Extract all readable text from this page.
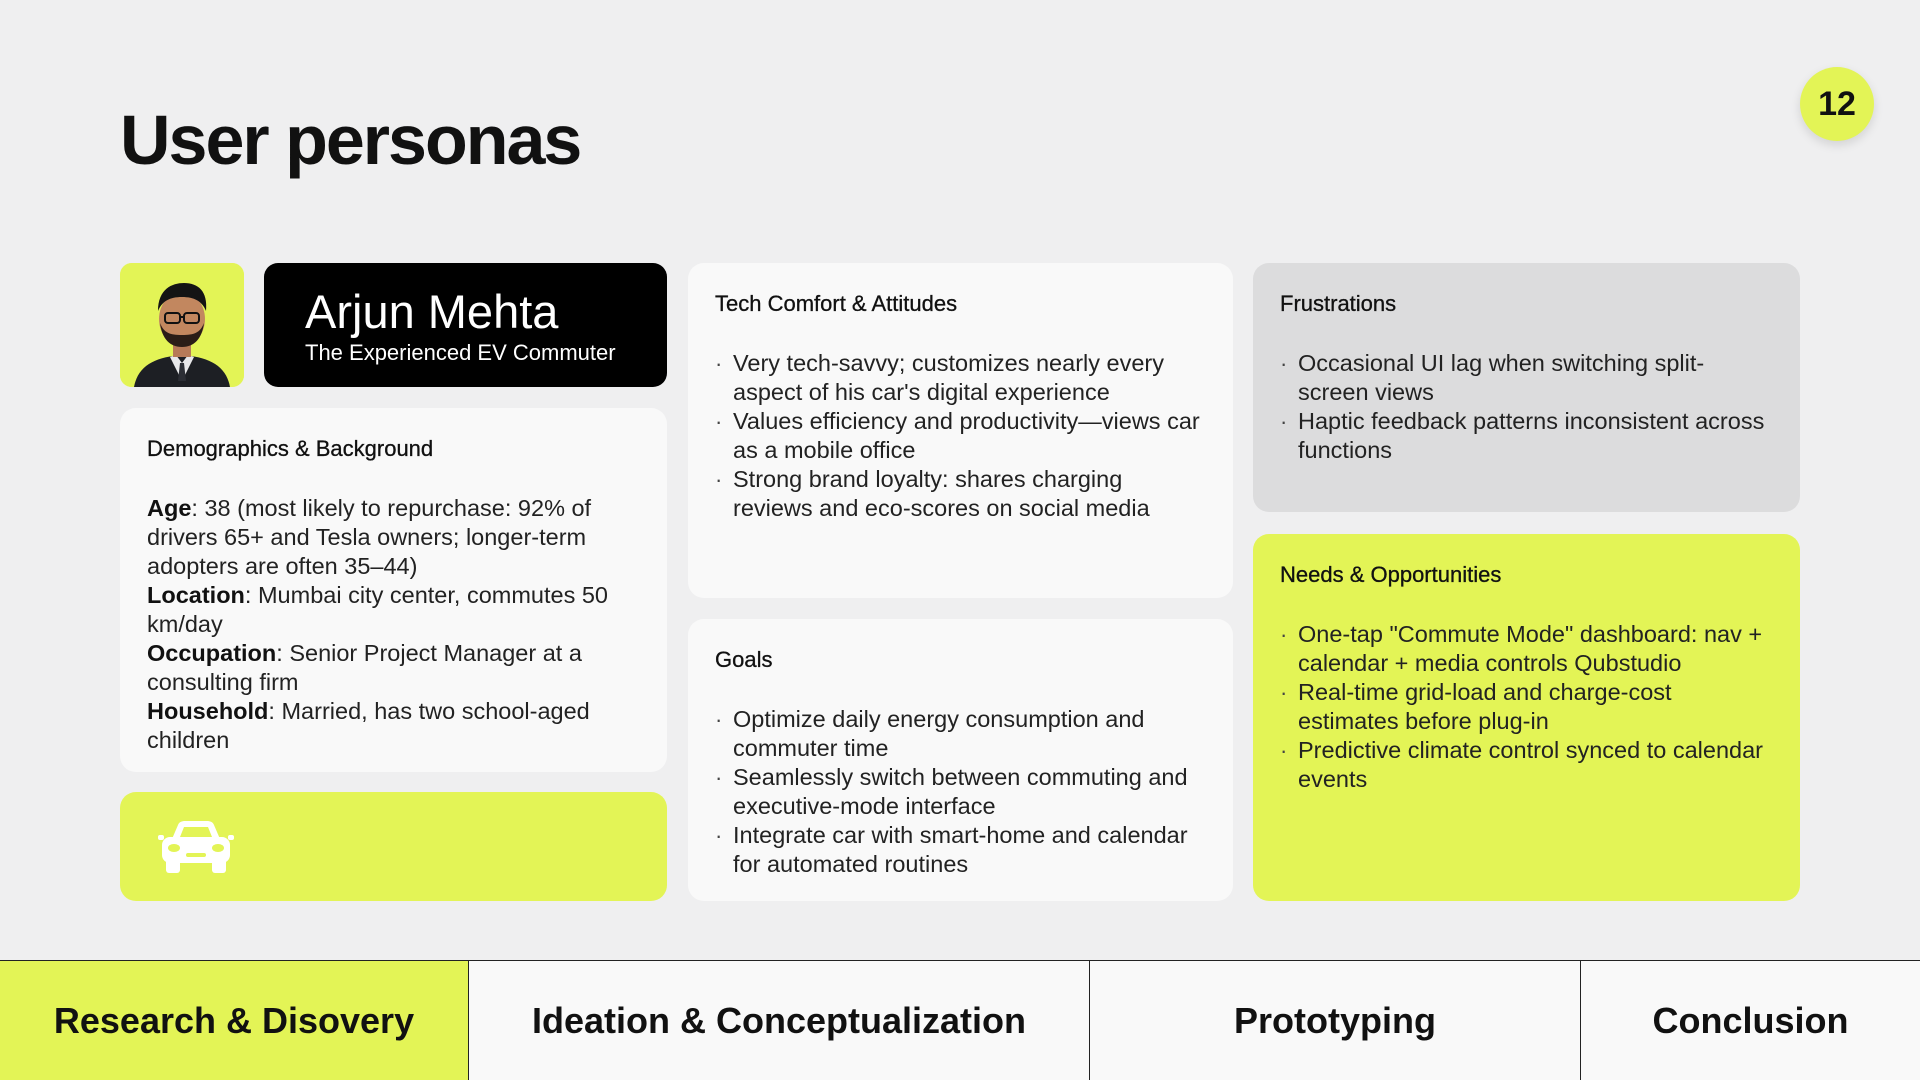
User personas	12
Arjun Mehta
The Experienced EV Commuter
Demographics & Background
Age: 38 (most likely to repurchase: 92% of drivers 65+ and Tesla owners; longer-term adopters are often 35–44)
Location: Mumbai city center, commutes 50 km/day
Occupation: Senior Project Manager at a consulting firm
Household: Married, has two school-aged children
Tech Comfort & Attitudes
· Very tech-savvy; customizes nearly every aspect of his car's digital experience
· Values efficiency and productivity—views car as a mobile office
· Strong brand loyalty: shares charging reviews and eco-scores on social media
Goals
· Optimize daily energy consumption and commuter time
· Seamlessly switch between commuting and executive-mode interface
· Integrate car with smart-home and calendar for automated routines
Frustrations
· Occasional UI lag when switching split-screen views
· Haptic feedback patterns inconsistent across functions
Needs & Opportunities
· One-tap "Commute Mode" dashboard: nav + calendar + media controls Qubstudio
· Real-time grid-load and charge-cost estimates before plug-in
· Predictive climate control synced to calendar events
Research & Disovery	Ideation & Conceptualization	Prototyping	Conclusion
